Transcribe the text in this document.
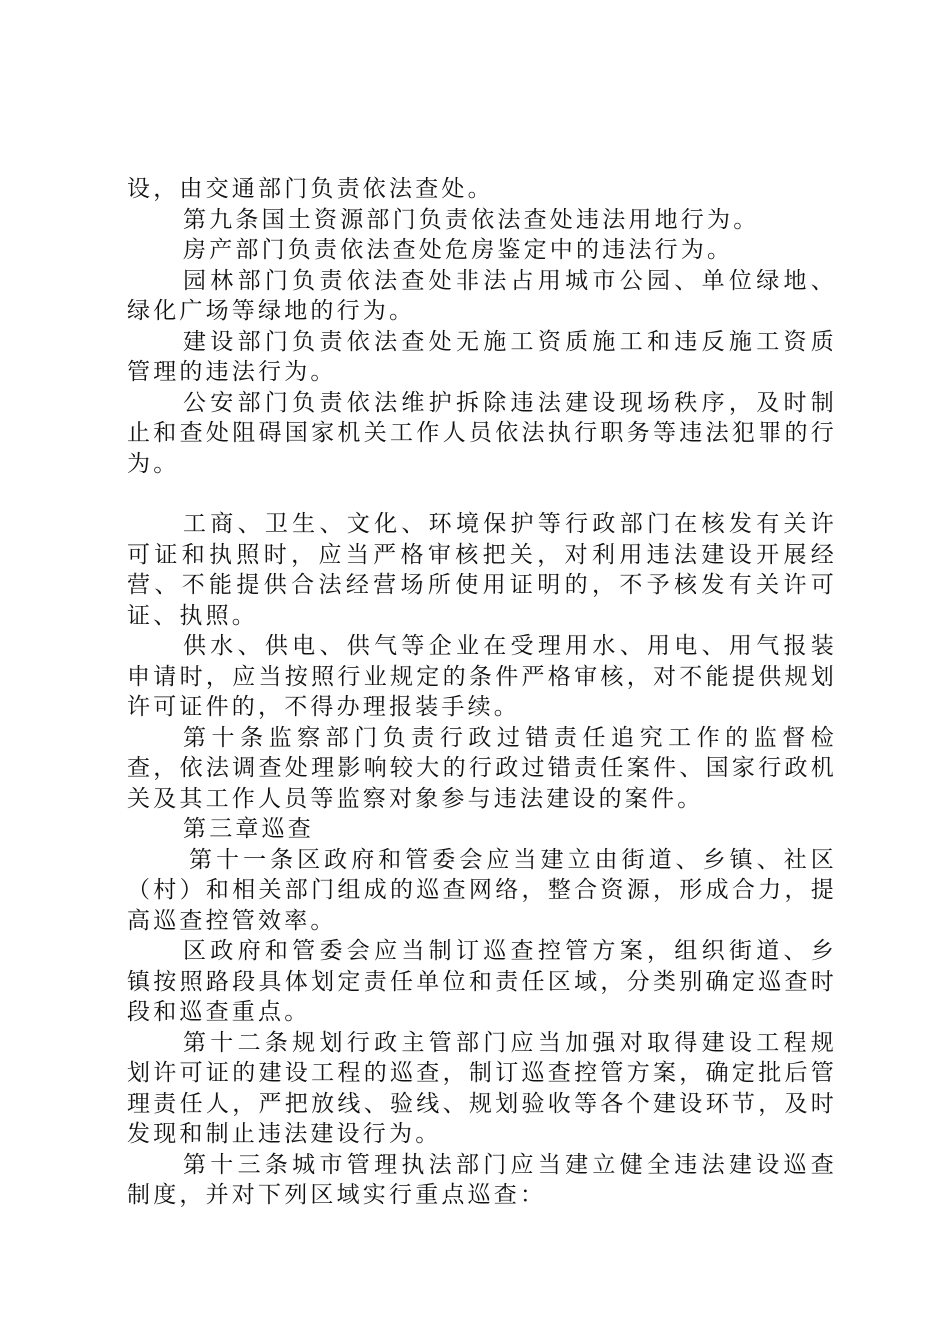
设，由交通部门负责依法查处。

第九条国土资源部门负责依法查处违法用地行为。

房产部门负责依法查处危房鉴定中的违法行为。

园林部门负责依法查处非法占用城市公园、单位绿地、绿化广场等绿地的行为。

建设部门负责依法查处无施工资质施工和违反施工资质管理的违法行为。

公安部门负责依法维护拆除违法建设现场秩序，及时制止和查处阻碍国家机关工作人员依法执行职务等违法犯罪的行为。

工商、卫生、文化、环境保护等行政部门在核发有关许可证和执照时，应当严格审核把关，对利用违法建设开展经营、不能提供合法经营场所使用证明的，不予核发有关许可证、执照。

供水、供电、供气等企业在受理用水、用电、用气报装申请时，应当按照行业规定的条件严格审核，对不能提供规划许可证件的，不得办理报装手续。

第十条监察部门负责行政过错责任追究工作的监督检查，依法调查处理影响较大的行政过错责任案件、国家行政机关及其工作人员等监察对象参与违法建设的案件。

第三章巡查

第十一条区政府和管委会应当建立由街道、乡镇、社区（村）和相关部门组成的巡查网络，整合资源，形成合力，提高巡查控管效率。

区政府和管委会应当制订巡查控管方案，组织街道、乡镇按照路段具体划定责任单位和责任区域，分类别确定巡查时段和巡查重点。

第十二条规划行政主管部门应当加强对取得建设工程规划许可证的建设工程的巡查，制订巡查控管方案，确定批后管理责任人，严把放线、验线、规划验收等各个建设环节，及时发现和制止违法建设行为。

第十三条城市管理执法部门应当建立健全违法建设巡查制度，并对下列区域实行重点巡查：
